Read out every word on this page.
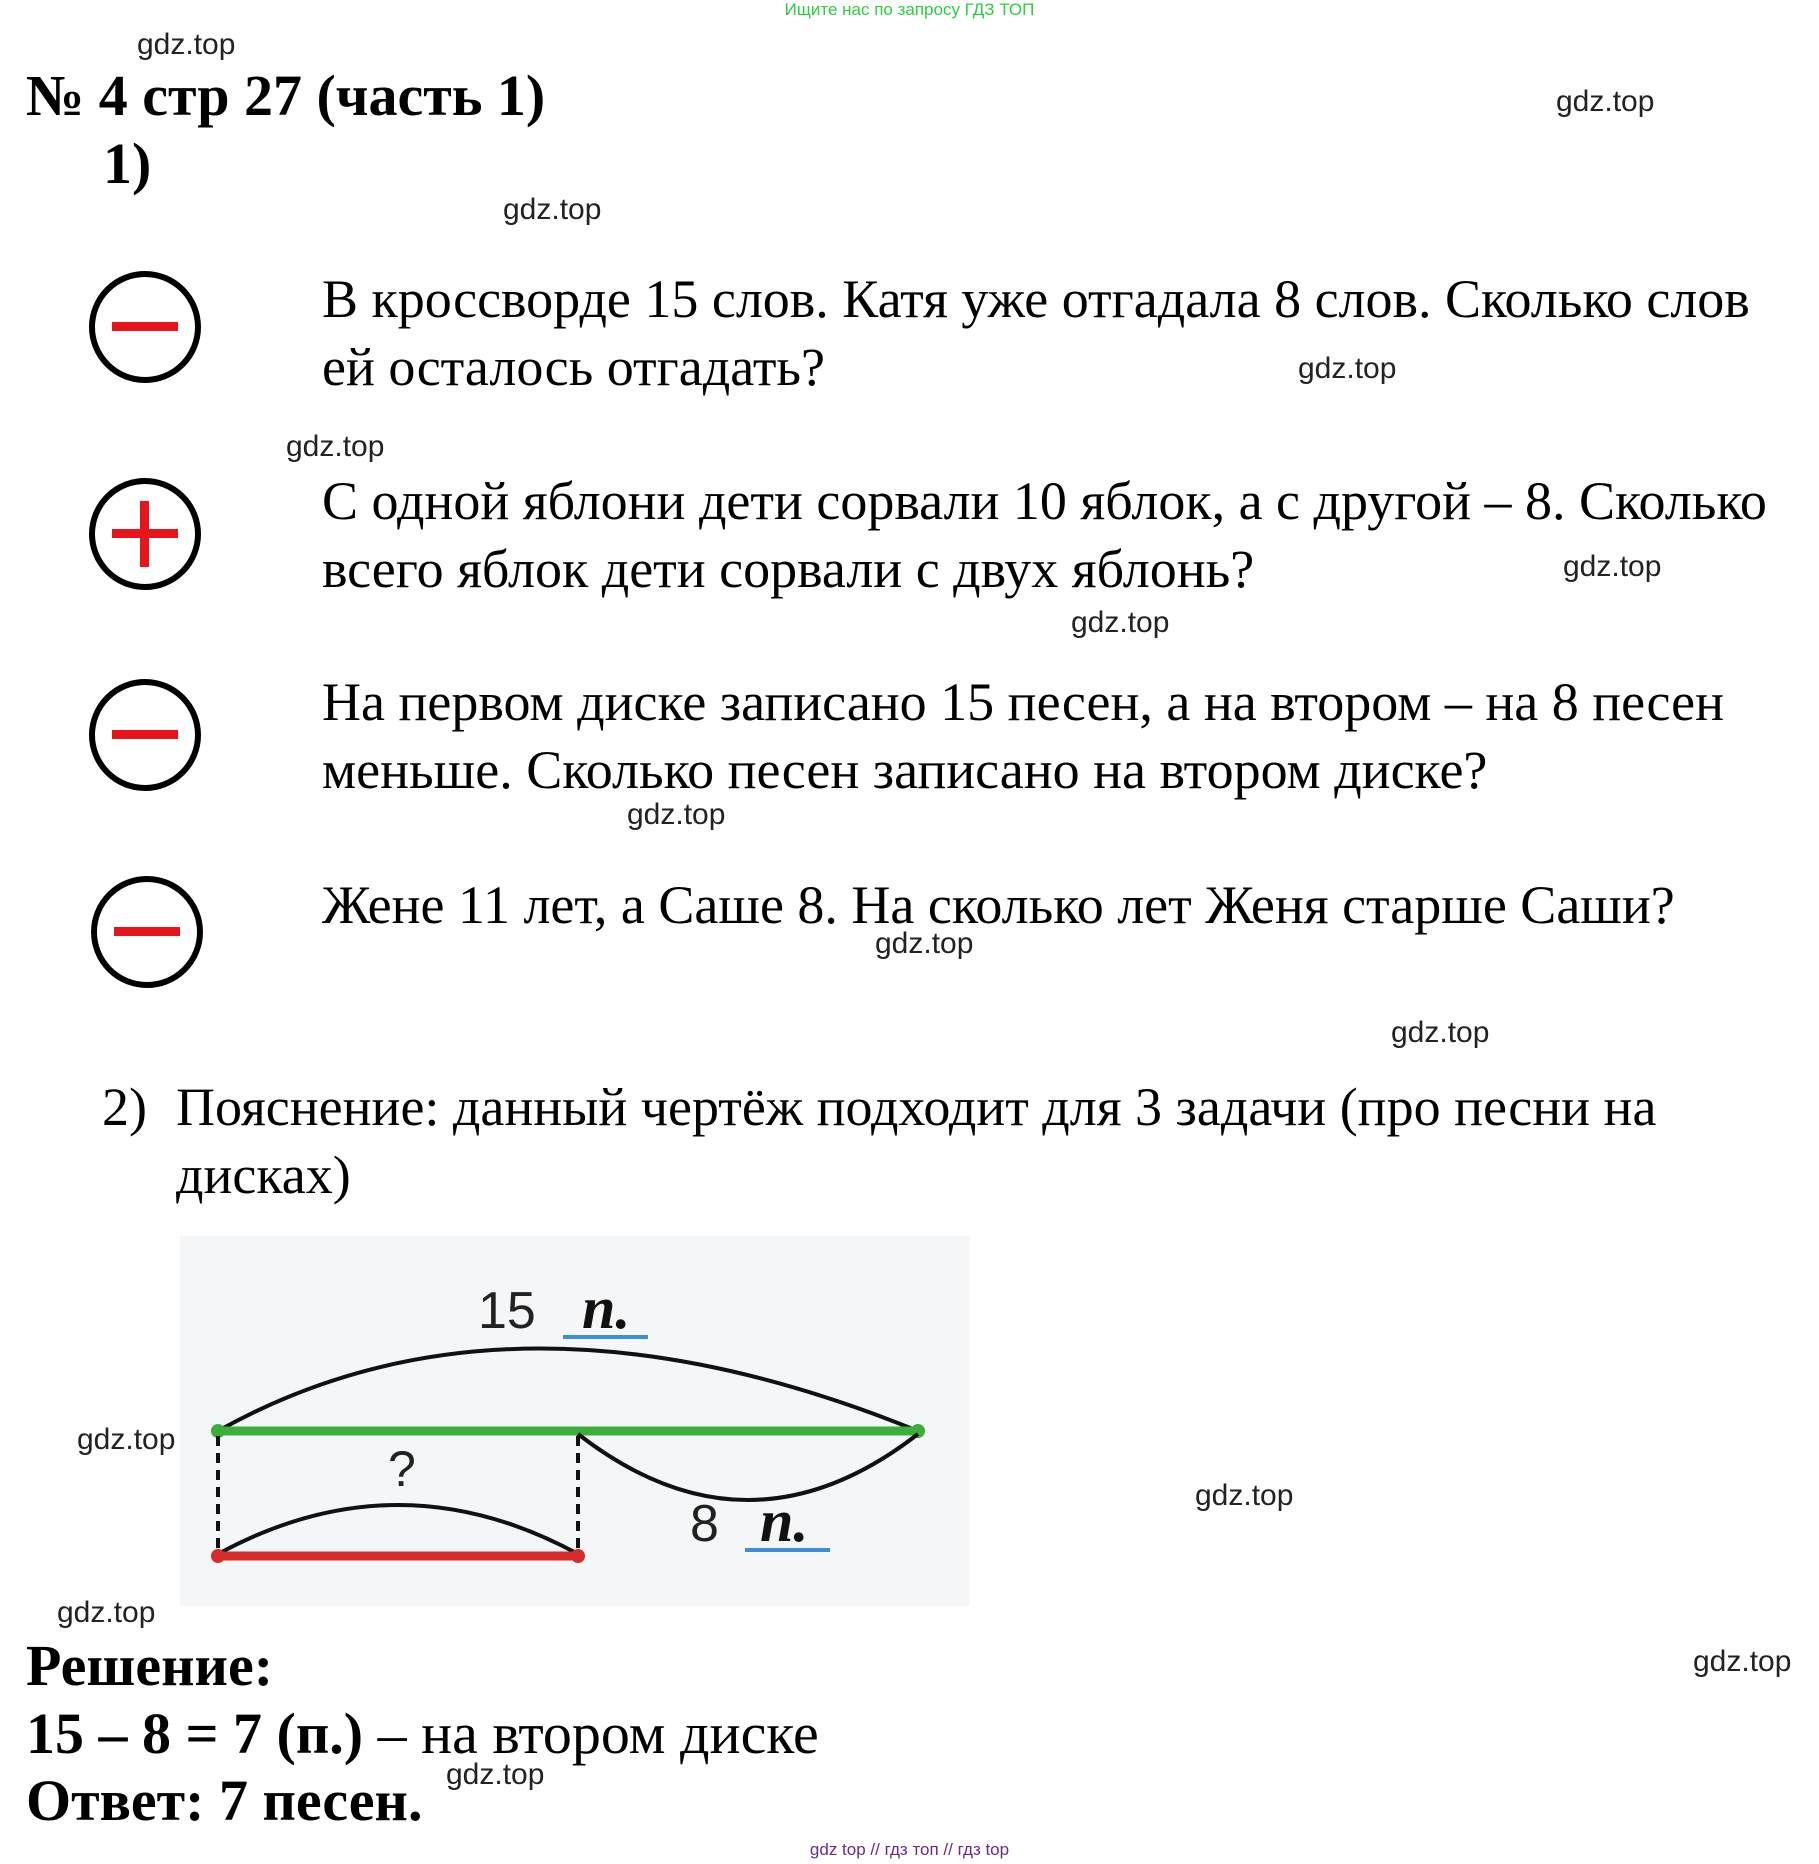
Ищите нас по запросу ГДЗ ТОП
gdz.top
gdz.top
gdz.top
gdz.top
gdz.top
gdz.top
gdz.top
gdz.top
gdz.top
gdz.top
gdz.top
gdz.top
gdz.top
gdz.top
gdz.top
№ 4 стр 27 (часть 1)
1)
В кроссворде 15 слов. Катя уже отгадала 8 слов. Сколько слов ей осталось отгадать?
С одной яблони дети сорвали 10 яблок, а с другой – 8. Сколько всего яблок дети сорвали с двух яблонь?
На первом диске записано 15 песен, а на втором – на 8 песен меньше. Сколько песен записано на втором диске?
Жене 11 лет, а Саше 8. На сколько лет Женя старше Саши?
2) Пояснение: данный чертёж подходит для 3 задачи (про песни на дисках)
15 п.
?
8 п.
Решение:
15 – 8 = 7 (п.) – на втором диске
Ответ: 7 песен.
gdz top // гдз топ // гдз top
